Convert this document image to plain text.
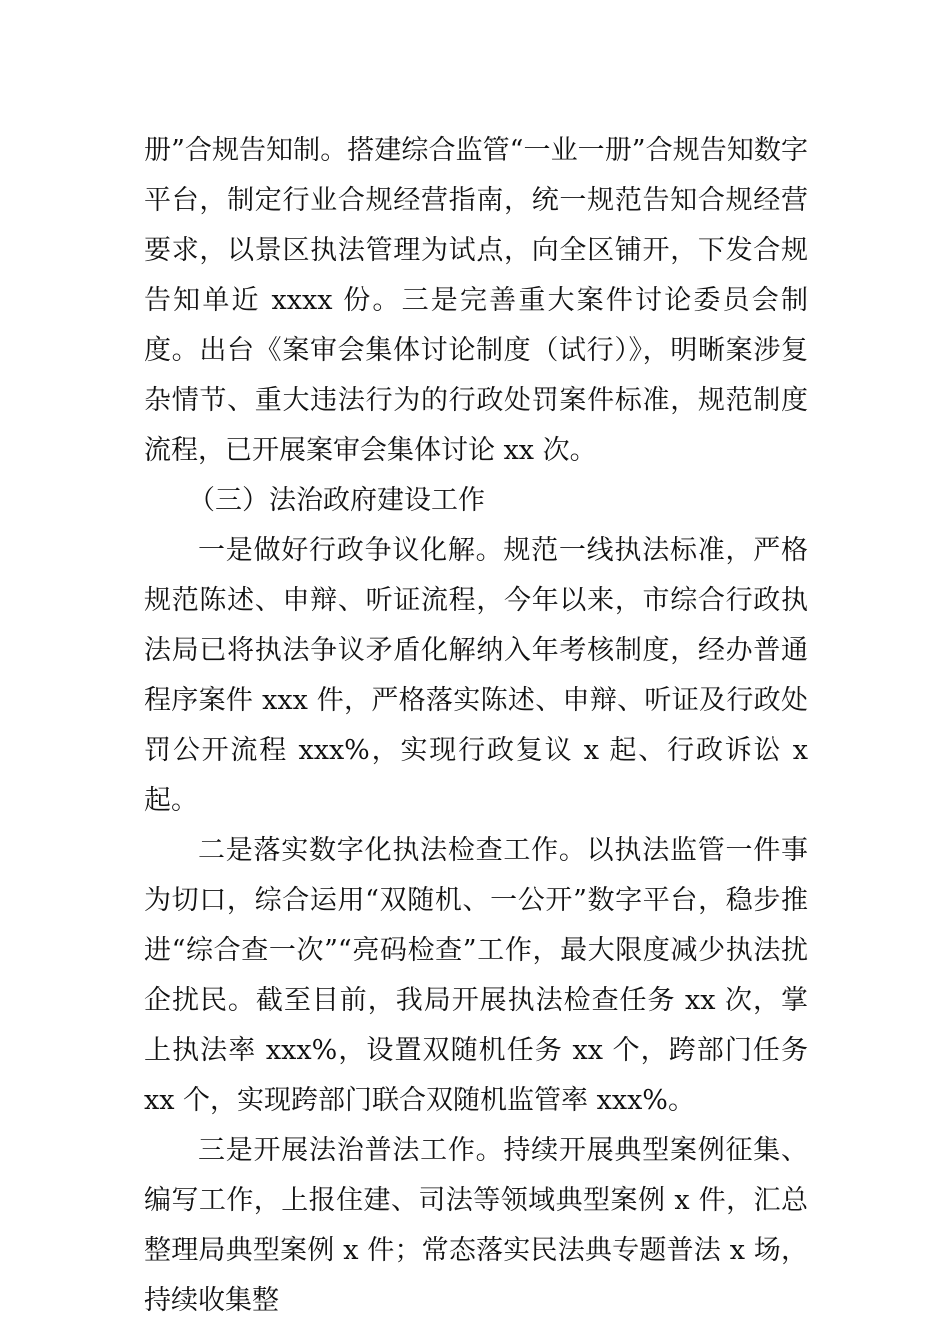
册”合规告知制。搭建综合监管“一业一册”合规告知数字平台，制定行业合规经营指南，统一规范告知合规经营要求，以景区执法管理为试点，向全区铺开，下发合规告知单近 xxxx 份。三是完善重大案件讨论委员会制度。出台《案审会集体讨论制度（试行）》，明晰案涉复杂情节、重大违法行为的行政处罚案件标准，规范制度流程，已开展案审会集体讨论 xx 次。

（三）法治政府建设工作

一是做好行政争议化解。规范一线执法标准，严格规范陈述、申辩、听证流程，今年以来，市综合行政执法局已将执法争议矛盾化解纳入年考核制度，经办普通程序案件 xxx 件，严格落实陈述、申辩、听证及行政处罚公开流程 xxx%，实现行政复议 x 起、行政诉讼 x 起。

二是落实数字化执法检查工作。以执法监管一件事为切口，综合运用“双随机、一公开”数字平台，稳步推进“综合查一次”“亮码检查”工作，最大限度减少执法扰企扰民。截至目前，我局开展执法检查任务 xx 次，掌上执法率 xxx%，设置双随机任务 xx 个，跨部门任务 xx 个，实现跨部门联合双随机监管率 xxx%。

三是开展法治普法工作。持续开展典型案例征集、编写工作，上报住建、司法等领域典型案例 x 件，汇总整理局典型案例 x 件；常态落实民法典专题普法 x 场，持续收集整
